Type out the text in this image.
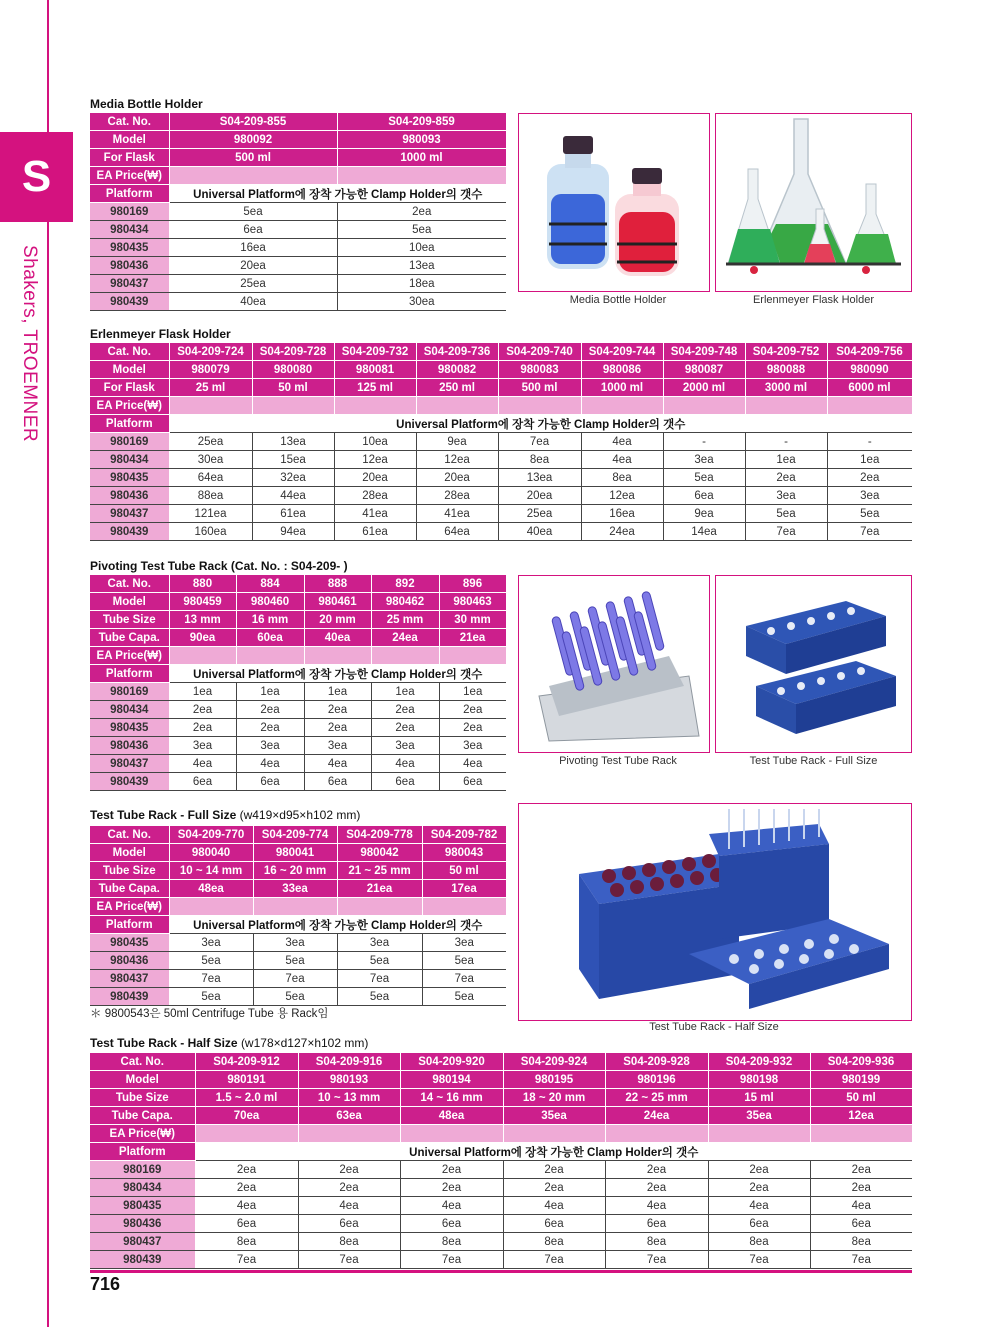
S
Shakers, TROEMNER
Media Bottle Holder
Cat. No.	S04-209-855	S04-209-859
Model	980092	980093
For Flask	500 ml	1000 ml
EA Price(₩)		
Platform	Universal Platform에 장착 가능한 Clamp Holder의 갯수	
980169	5ea	2ea
980434	6ea	5ea
980435	16ea	10ea
980436	20ea	13ea
980437	25ea	18ea
980439	40ea	30ea
Erlenmeyer Flask Holder
Cat. No.	S04-209-724	S04-209-728	S04-209-732	S04-209-736	S04-209-740	S04-209-744	S04-209-748	S04-209-752	S04-209-756
Model	980079	980080	980081	980082	980083	980086	980087	980088	980090
For Flask	25 ml	50 ml	125 ml	250 ml	500 ml	1000 ml	2000 ml	3000 ml	6000 ml
EA Price(₩)									
Platform	Universal Platform에 장착 가능한 Clamp Holder의 갯수								
980169	25ea	13ea	10ea	9ea	7ea	4ea	-	-	-
980434	30ea	15ea	12ea	12ea	8ea	4ea	3ea	1ea	1ea
980435	64ea	32ea	20ea	20ea	13ea	8ea	5ea	2ea	2ea
980436	88ea	44ea	28ea	28ea	20ea	12ea	6ea	3ea	3ea
980437	121ea	61ea	41ea	41ea	25ea	16ea	9ea	5ea	5ea
980439	160ea	94ea	61ea	64ea	40ea	24ea	14ea	7ea	7ea
Pivoting Test Tube Rack (Cat. No. : S04-209- )
Cat. No.	880	884	888	892	896
Model	980459	980460	980461	980462	980463
Tube Size	13 mm	16 mm	20 mm	25 mm	30 mm
Tube Capa.	90ea	60ea	40ea	24ea	21ea
EA Price(₩)					
Platform	Universal Platform에 장착 가능한 Clamp Holder의 갯수				
980169	1ea	1ea	1ea	1ea	1ea
980434	2ea	2ea	2ea	2ea	2ea
980435	2ea	2ea	2ea	2ea	2ea
980436	3ea	3ea	3ea	3ea	3ea
980437	4ea	4ea	4ea	4ea	4ea
980439	6ea	6ea	6ea	6ea	6ea
Test Tube Rack - Full Size (w419×d95×h102 mm)
Cat. No.	S04-209-770	S04-209-774	S04-209-778	S04-209-782
Model	980040	980041	980042	980043
Tube Size	10 ~ 14 mm	16 ~ 20 mm	21 ~ 25 mm	50 ml
Tube Capa.	48ea	33ea	21ea	17ea
EA Price(₩)				
Platform	Universal Platform에 장착 가능한 Clamp Holder의 갯수			
980435	3ea	3ea	3ea	3ea
980436	5ea	5ea	5ea	5ea
980437	7ea	7ea	7ea	7ea
980439	5ea	5ea	5ea	5ea
＊ 9800543은 50ml Centrifuge Tube 용 Rack임
Test Tube Rack - Half Size (w178×d127×h102 mm)
Cat. No.	S04-209-912	S04-209-916	S04-209-920	S04-209-924	S04-209-928	S04-209-932	S04-209-936
Model	980191	980193	980194	980195	980196	980198	980199
Tube Size	1.5 ~ 2.0 ml	10 ~ 13 mm	14 ~ 16 mm	18 ~ 20 mm	22 ~ 25 mm	15 ml	50 ml
Tube Capa.	70ea	63ea	48ea	35ea	24ea	35ea	12ea
EA Price(₩)							
Platform	Universal Platform에 장착 가능한 Clamp Holder의 갯수						
980169	2ea	2ea	2ea	2ea	2ea	2ea	2ea
980434	2ea	2ea	2ea	2ea	2ea	2ea	2ea
980435	4ea	4ea	4ea	4ea	4ea	4ea	4ea
980436	6ea	6ea	6ea	6ea	6ea	6ea	6ea
980437	8ea	8ea	8ea	8ea	8ea	8ea	8ea
980439	7ea	7ea	7ea	7ea	7ea	7ea	7ea
Media Bottle Holder	Erlenmeyer Flask Holder
Pivoting Test Tube Rack	Test Tube Rack - Full Size
Test Tube Rack - Half Size
716
